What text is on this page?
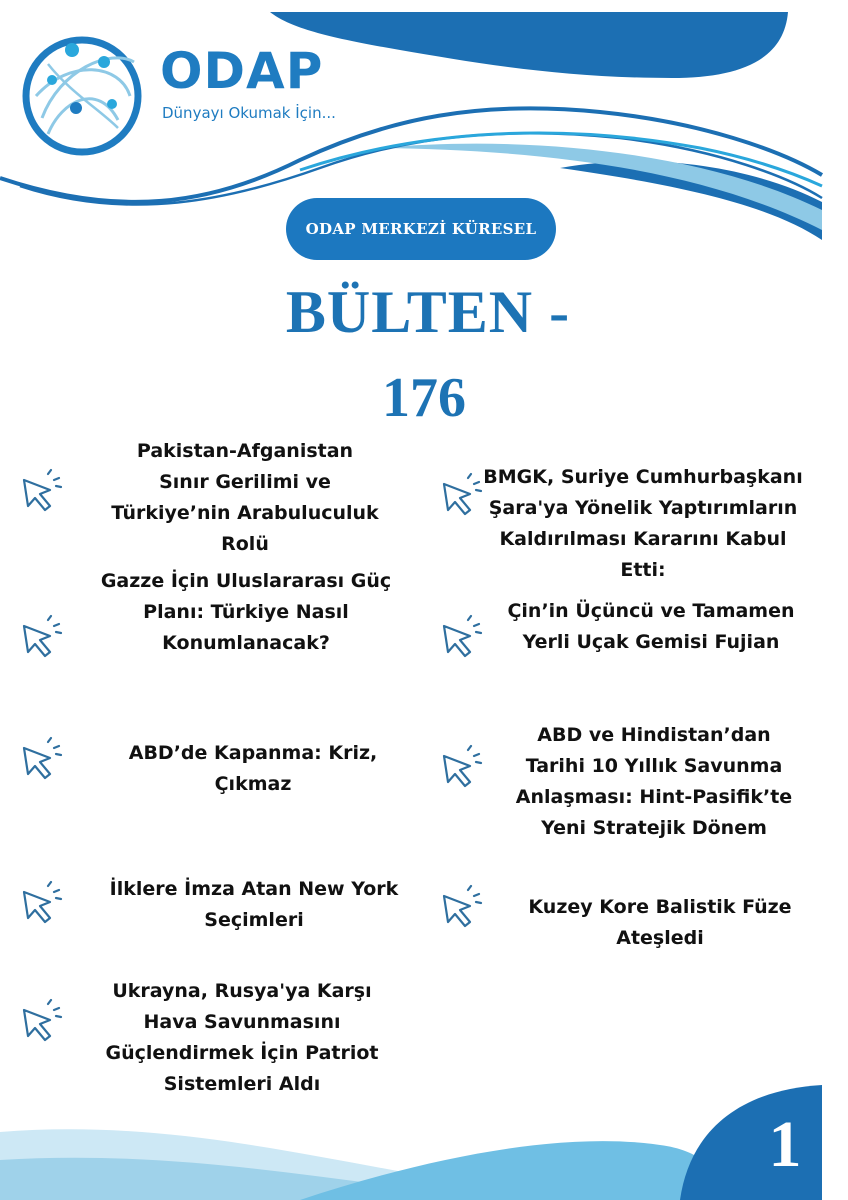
ODAP
Dünyayı Okumak İçin...
ODAP MERKEZİ KÜRESEL
BÜLTEN -
176
Pakistan-Afganistan Sınır Gerilimi ve Türkiye’nin Arabuluculuk Rolü
BMGK, Suriye Cumhurbaşkanı Şara'ya Yönelik Yaptırımların Kaldırılması Kararını Kabul Etti:
Gazze İçin Uluslararası Güç Planı: Türkiye Nasıl Konumlanacak?
Çin’in Üçüncü ve Tamamen Yerli Uçak Gemisi Fujian
ABD’de Kapanma: Kriz, Çıkmaz
ABD ve Hindistan’dan Tarihi 10 Yıllık Savunma Anlaşması: Hint-Pasifik’te Yeni Stratejik Dönem
İlklere İmza Atan New York Seçimleri
Kuzey Kore Balistik Füze Ateşledi
Ukrayna, Rusya'ya Karşı Hava Savunmasını Güçlendirmek İçin Patriot Sistemleri Aldı
1
